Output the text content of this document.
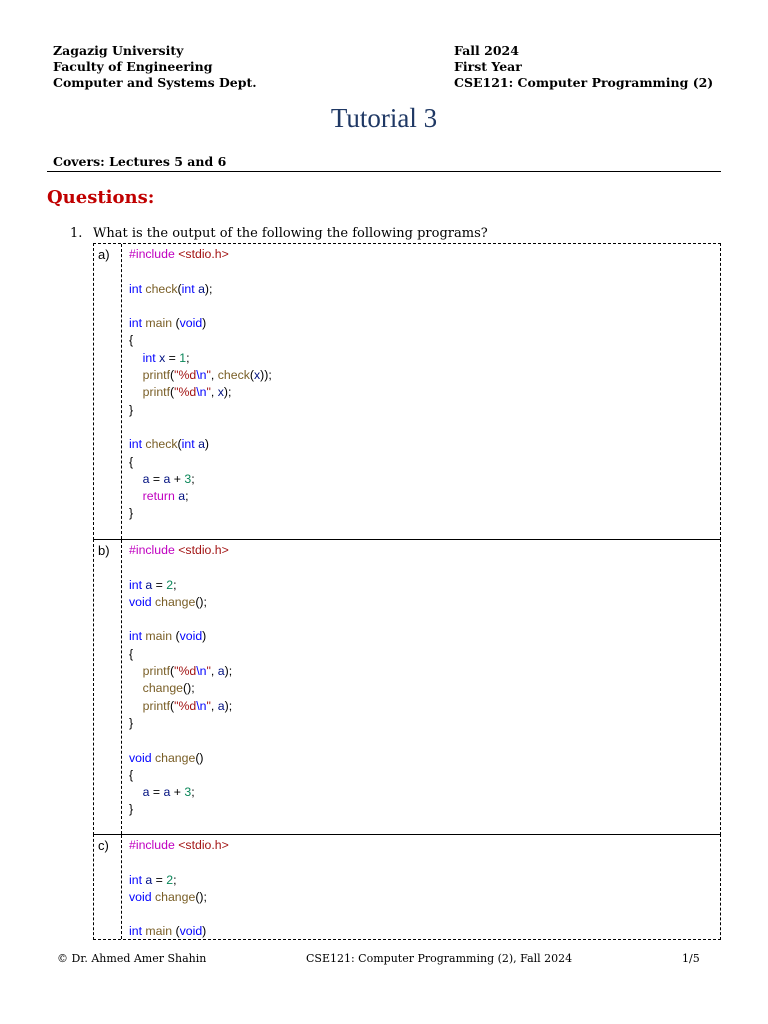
Zagazig University
Faculty of Engineering
Computer and Systems Dept.
Fall 2024
First Year
CSE121: Computer Programming (2)
Tutorial 3
Covers: Lectures 5 and 6
Questions:
1. What is the output of the following the following programs?
a)	#include <stdio.h>

int check(int a);

int main (void)
{
int x = 1;
printf("%d\n", check(x));
printf("%d\n", x);
}

int check(int a)
{
a = a + 3;
return a;
}
b)	#include <stdio.h>

int a = 2;
void change();

int main (void)
{
printf("%d\n", a);
change();
printf("%d\n", a);
}

void change()
{
a = a + 3;
}
c)	#include <stdio.h>

int a = 2;
void change();

int main (void)
© Dr. Ahmed Amer Shahin	CSE121: Computer Programming (2), Fall 2024	1/5
